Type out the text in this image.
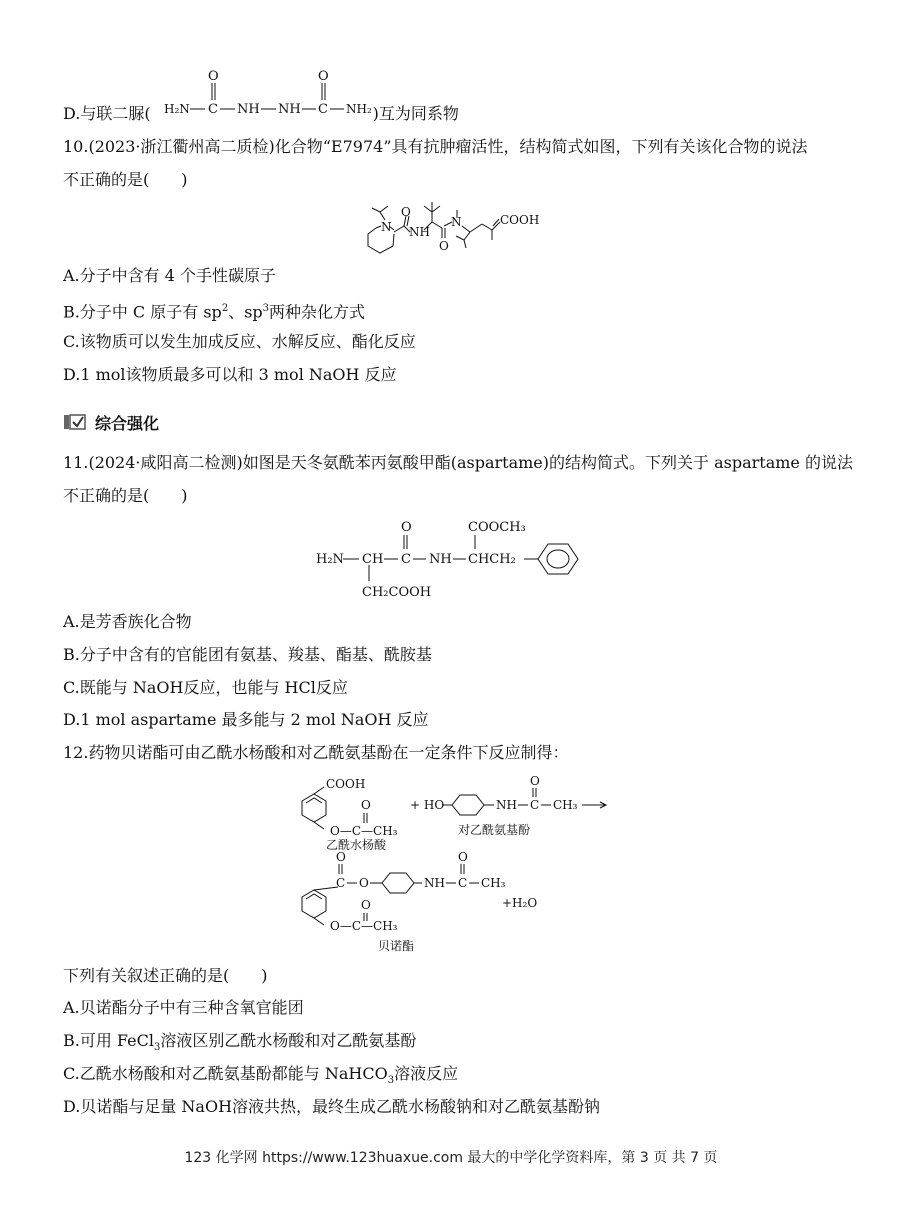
D.与联二脲(	)互为同系物
O	O
H₂N C NH NH C NH₂
10.(2023·浙江衢州高二质检)化合物“E7974”具有抗肿瘤活性，结构简式如图，下列有关该化合物的说法
不正确的是(　　)
N NH
O
N
O
COOH
A.分子中含有 4 个手性碳原子
B.分子中 C 原子有 $sp^2$、$sp^3$两种杂化方式
C.该物质可以发生加成反应、水解反应、酯化反应
D.1 mol该物质最多可以和 3 mol NaOH 反应
综合强化
11.(2024·咸阳高二检测)如图是天冬氨酰苯丙氨酸甲酯(aspartame)的结构简式。下列关于 aspartame 的说法
不正确的是(　　)
O	COOCH₃
H₂N CH C NH CHCH₂
CH₂COOH
A.是芳香族化合物
B.分子中含有的官能团有氨基、羧基、酯基、酰胺基
C.既能与 NaOH反应，也能与 HCl反应
D.1 mol aspartame 最多能与 2 mol NaOH 反应
12.药物贝诺酯可由乙酰水杨酸和对乙酰氨基酚在一定条件下反应制得：
COOH
O
O—C—CH₃
乙酰水杨酸
+ HO	NH
O
C CH₃
对乙酰氨基酚
O
C O	NH
O
C CH₃
O
O—C—CH₃
+H₂O
贝诺酯
下列有关叙述正确的是(　　)
A.贝诺酯分子中有三种含氧官能团
B.可用 FeCl$_3$溶液区别乙酰水杨酸和对乙酰氨基酚
C.乙酰水杨酸和对乙酰氨基酚都能与 NaHCO$_3$溶液反应
D.贝诺酯与足量 NaOH溶液共热，最终生成乙酰水杨酸钠和对乙酰氨基酚钠
123 化学网 https://www.123huaxue.com 最大的中学化学资料库，第 3 页 共 7 页
